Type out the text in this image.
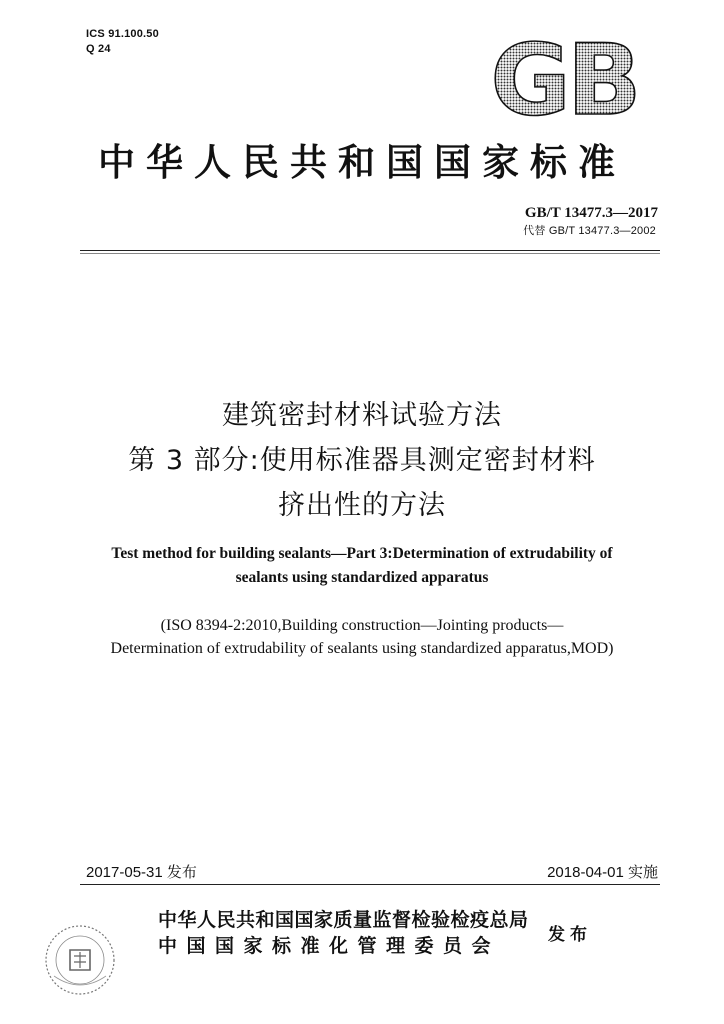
ICS 91.100.50
Q 24	GB
中华人民共和国国家标准
GB/T 13477.3—2017
代替 GB/T 13477.3—2002
建筑密封材料试验方法
第 3 部分:使用标准器具测定密封材料
挤出性的方法
Test method for building sealants—Part 3:Determination of extrudability of
sealants using standardized apparatus
(ISO 8394-2:2010,Building construction—Jointing products—
Determination of extrudability of sealants using standardized apparatus,MOD)
2017-05-31 发布	2018-04-01 实施
中华人民共和国国家质量监督检验检疫总局
中国国家标准化管理委员会	发布
